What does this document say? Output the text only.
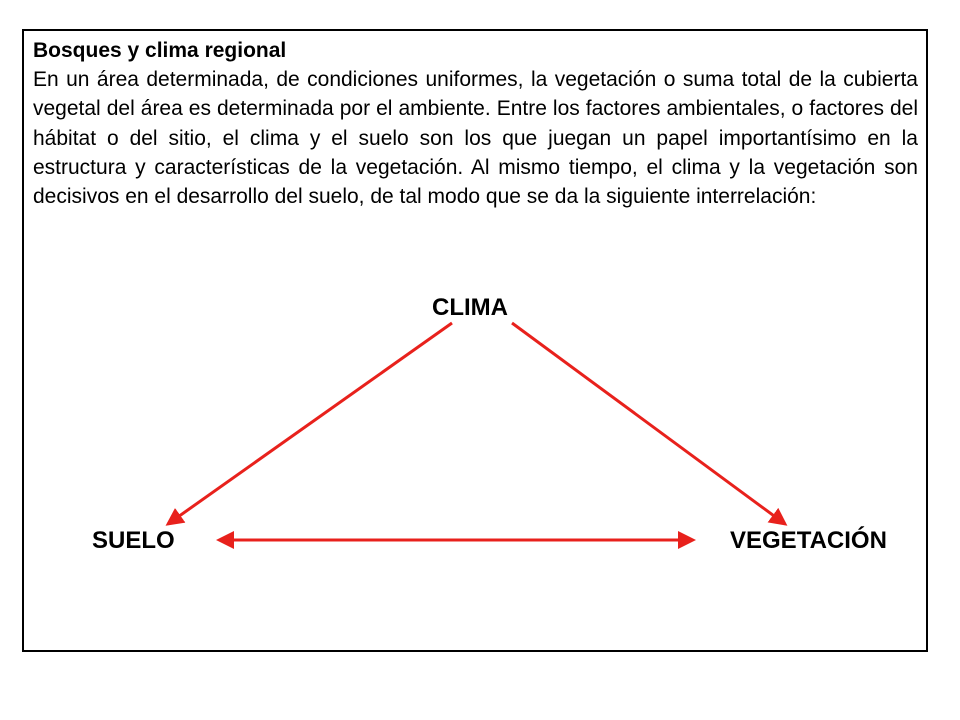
Bosques y clima regional
En un área determinada, de condiciones uniformes, la vegetación o suma total de la cubierta vegetal del área es determinada por el ambiente. Entre los factores ambientales, o factores del hábitat o del sitio, el clima y el suelo son los que juegan un papel importantísimo en la estructura y características de la vegetación. Al mismo tiempo, el clima y la vegetación son decisivos en el desarrollo del suelo, de tal modo que se da la siguiente interrelación:
CLIMA
SUELO	VEGETACIÓN
